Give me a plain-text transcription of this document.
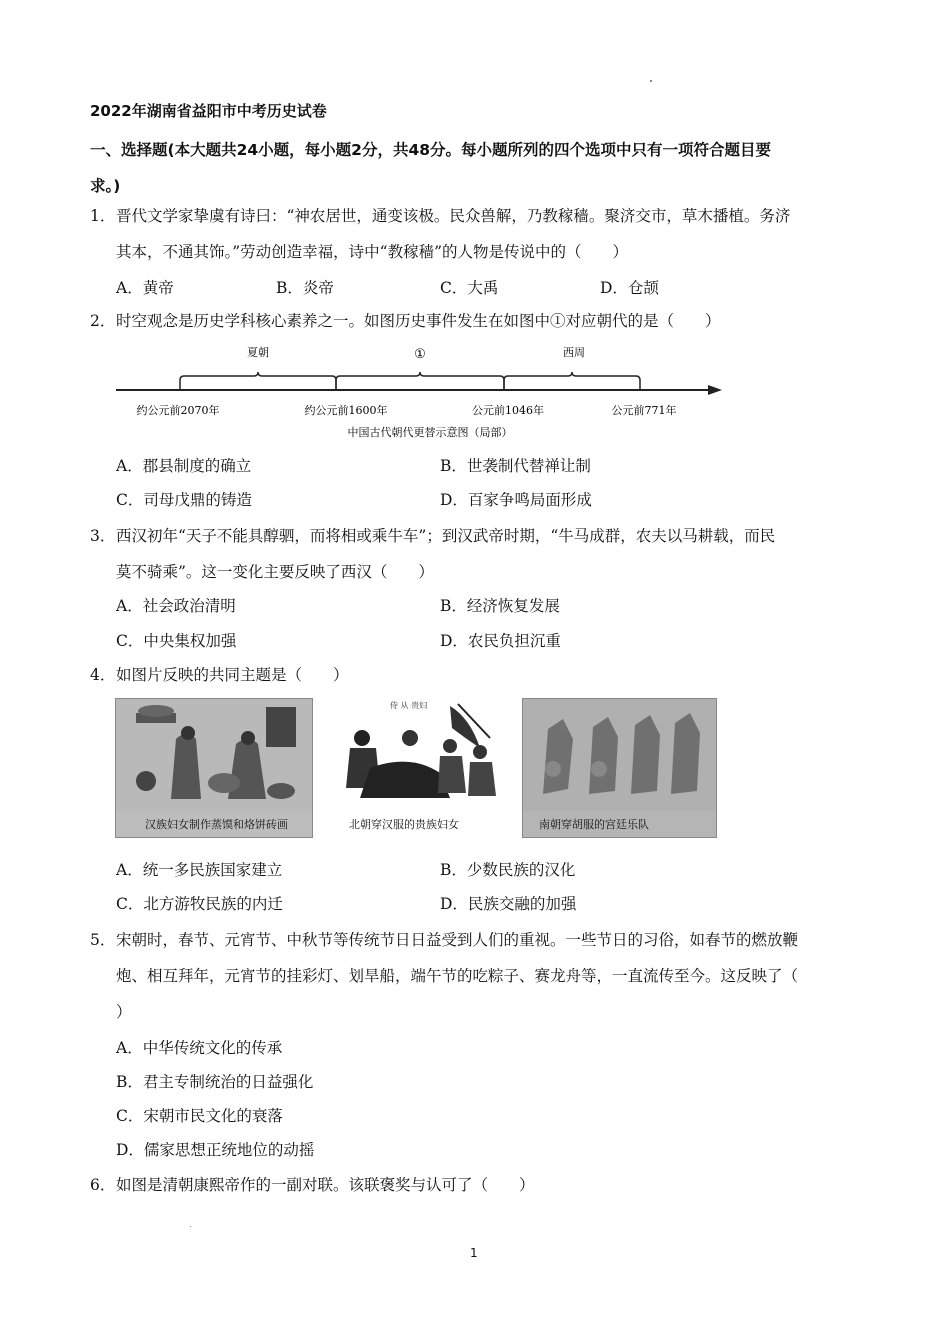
2022年湖南省益阳市中考历史试卷
一、选择题(本大题共24小题，每小题2分，共48分。每小题所列的四个选项中只有一项符合题目要
求。)
1．晋代文学家挚虞有诗曰：“神农居世，通变该极。民众兽解，乃教稼穑。聚济交市，草木播植。务济
其本，不通其饰。”劳动创造幸福，诗中“教稼穑”的人物是传说中的（　　）
A．黄帝	B．炎帝	C．大禹	D．仓颉
2．时空观念是历史学科核心素养之一。如图历史事件发生在如图中①对应朝代的是（　　）
夏朝	①	西周
约公元前2070年	约公元前1600年	公元前1046年	公元前771年
中国古代朝代更替示意图（局部）
A．郡县制度的确立	B．世袭制代替禅让制
C．司母戊鼎的铸造	D．百家争鸣局面形成
3．西汉初年“天子不能具醇驷，而将相或乘牛车”；到汉武帝时期，“牛马成群，农夫以马耕载，而民
莫不骑乘”。这一变化主要反映了西汉（　　）
A．社会政治清明	B．经济恢复发展
C．中央集权加强	D．农民负担沉重
4．如图片反映的共同主题是（　　）
汉族妇女制作蒸馍和烙饼砖画
侍 从 贵妇
北朝穿汉服的贵族妇女	南朝穿胡服的宫廷乐队
A．统一多民族国家建立	B．少数民族的汉化
C．北方游牧民族的内迁	D．民族交融的加强
5．宋朝时，春节、元宵节、中秋节等传统节日日益受到人们的重视。一些节日的习俗，如春节的燃放鞭
炮、相互拜年，元宵节的挂彩灯、划旱船，端午节的吃粽子、赛龙舟等，一直流传至今。这反映了（
）
A．中华传统文化的传承
B．君主专制统治的日益强化
C．宋朝市民文化的衰落
D．儒家思想正统地位的动摇
6．如图是清朝康熙帝作的一副对联。该联褒奖与认可了（　　）
1
